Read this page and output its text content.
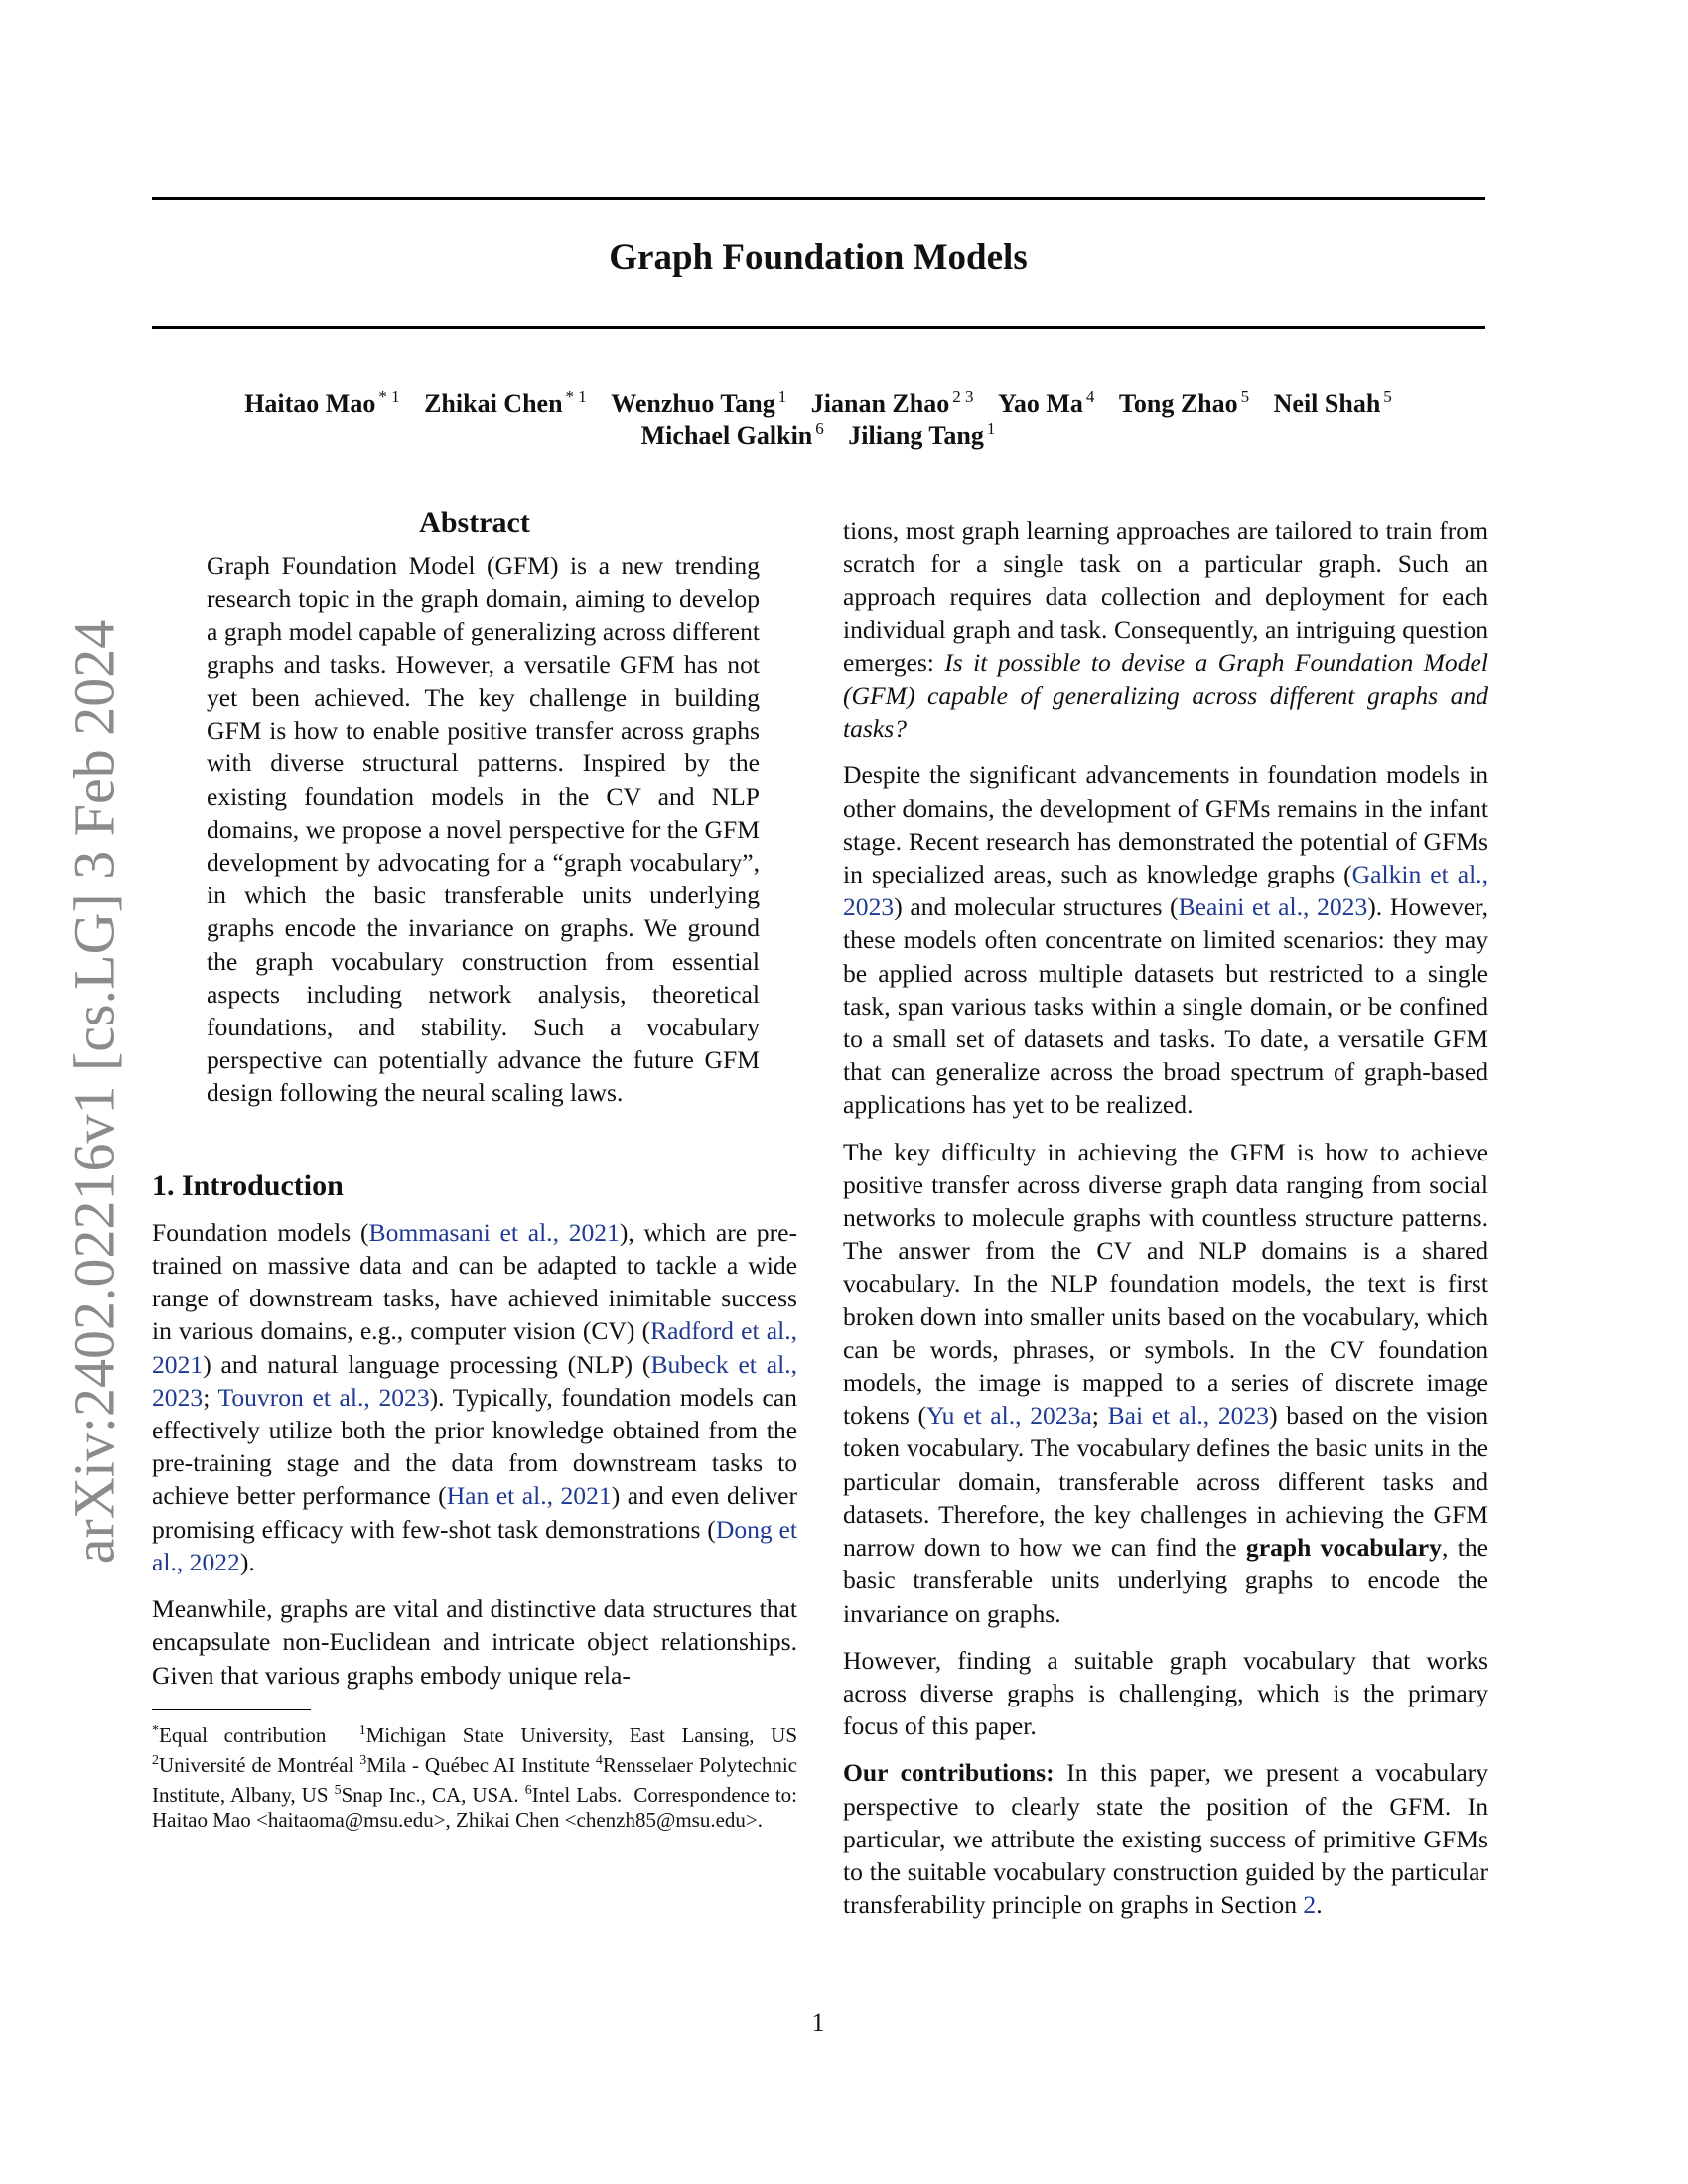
arXiv:2402.02216v1 [cs.LG] 3 Feb 2024
Graph Foundation Models
Haitao Mao $^{* 1}$ Zhikai Chen $^{* 1}$ Wenzhuo Tang $^1$ Jianan Zhao $^{2 3}$ Yao Ma $^4$ Tong Zhao $^5$ Neil Shah $^5$
Michael Galkin $^6$ Jiliang Tang $^1$
Abstract

Graph Foundation Model (GFM) is a new trending research topic in the graph domain, aiming to develop a graph model capable of generalizing across different graphs and tasks. However, a versatile GFM has not yet been achieved. The key challenge in building GFM is how to enable positive transfer across graphs with diverse structural patterns. Inspired by the existing foundation models in the CV and NLP domains, we propose a novel perspective for the GFM development by advocating for a “graph vocabulary”, in which the basic transferable units underlying graphs encode the invariance on graphs. We ground the graph vocabulary construction from essential aspects including network analysis, theoretical foundations, and stability. Such a vocabulary perspective can potentially advance the future GFM design following the neural scaling laws.

1. Introduction

Foundation models (Bommasani et al., 2021), which are pre-trained on massive data and can be adapted to tackle a wide range of downstream tasks, have achieved inimitable success in various domains, e.g., computer vision (CV) (Radford et al., 2021) and natural language processing (NLP) (Bubeck et al., 2023; Touvron et al., 2023). Typically, foundation models can effectively utilize both the prior knowledge obtained from the pre-training stage and the data from downstream tasks to achieve better performance (Han et al., 2021) and even deliver promising efficacy with few-shot task demonstrations (Dong et al., 2022).

Meanwhile, graphs are vital and distinctive data structures that encapsulate non-Euclidean and intricate object relationships. Given that various graphs embody unique rela-

*Equal contribution $^1$Michigan State University, East Lansing, US $^2$Université de Montréal $^3$Mila - Québec AI Institute $^4$Rensselaer Polytechnic Institute, Albany, US $^5$Snap Inc., CA, USA. $^6$Intel Labs. Correspondence to: Haitao Mao <haitaoma@msu.edu>, Zhikai Chen <chenzh85@msu.edu>.

tions, most graph learning approaches are tailored to train from scratch for a single task on a particular graph. Such an approach requires data collection and deployment for each individual graph and task. Consequently, an intriguing question emerges: Is it possible to devise a Graph Foundation Model (GFM) capable of generalizing across different graphs and tasks?

Despite the significant advancements in foundation models in other domains, the development of GFMs remains in the infant stage. Recent research has demonstrated the potential of GFMs in specialized areas, such as knowledge graphs (Galkin et al., 2023) and molecular structures (Beaini et al., 2023). However, these models often concentrate on limited scenarios: they may be applied across multiple datasets but restricted to a single task, span various tasks within a single domain, or be confined to a small set of datasets and tasks. To date, a versatile GFM that can generalize across the broad spectrum of graph-based applications has yet to be realized.

The key difficulty in achieving the GFM is how to achieve positive transfer across diverse graph data ranging from social networks to molecule graphs with countless structure patterns. The answer from the CV and NLP domains is a shared vocabulary. In the NLP foundation models, the text is first broken down into smaller units based on the vocabulary, which can be words, phrases, or symbols. In the CV foundation models, the image is mapped to a series of discrete image tokens (Yu et al., 2023a; Bai et al., 2023) based on the vision token vocabulary. The vocabulary defines the basic units in the particular domain, transferable across different tasks and datasets. Therefore, the key challenges in achieving the GFM narrow down to how we can find the graph vocabulary, the basic transferable units underlying graphs to encode the invariance on graphs.

However, finding a suitable graph vocabulary that works across diverse graphs is challenging, which is the primary focus of this paper.

Our contributions: In this paper, we present a vocabulary perspective to clearly state the position of the GFM. In particular, we attribute the existing success of primitive GFMs to the suitable vocabulary construction guided by the particular transferability principle on graphs in Section 2.

1
